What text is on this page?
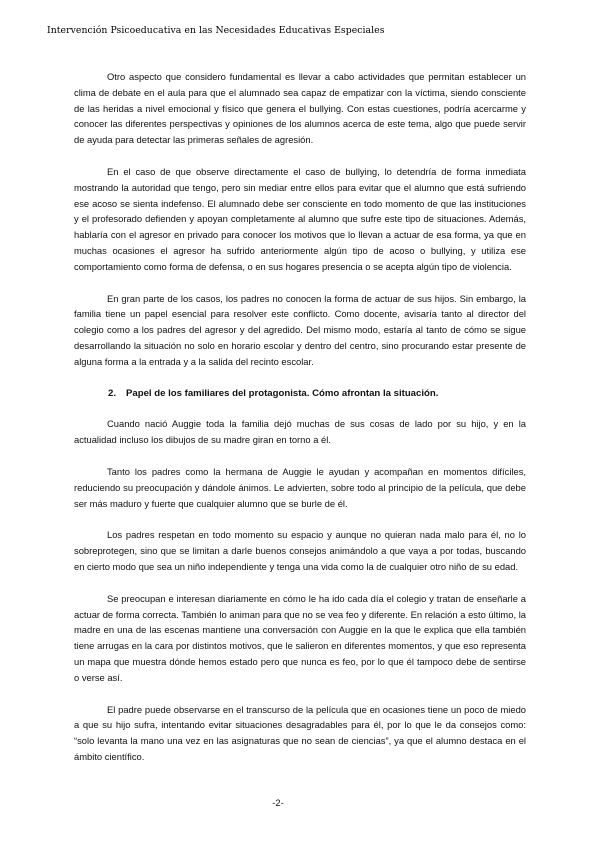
Intervención Psicoeducativa en las Necesidades Educativas Especiales

Otro aspecto que considero fundamental es llevar a cabo actividades que permitan establecer un clima de debate en el aula para que el alumnado sea capaz de empatizar con la víctima, siendo consciente de las heridas a nivel emocional y físico que genera el bullying. Con estas cuestiones, podría acercarme y conocer las diferentes perspectivas y opiniones de los alumnos acerca de este tema, algo que puede servir de ayuda para detectar las primeras señales de agresión.

En el caso de que observe directamente el caso de bullying, lo detendría de forma inmediata mostrando la autoridad que tengo, pero sin mediar entre ellos para evitar que el alumno que está sufriendo ese acoso se sienta indefenso. El alumnado debe ser consciente en todo momento de que las instituciones y el profesorado defienden y apoyan completamente al alumno que sufre este tipo de situaciones. Además, hablaría con el agresor en privado para conocer los motivos que lo llevan a actuar de esa forma, ya que en muchas ocasiones el agresor ha sufrido anteriormente algún tipo de acoso o bullying, y utiliza ese comportamiento como forma de defensa, o en sus hogares presencia o se acepta algún tipo de violencia.

En gran parte de los casos, los padres no conocen la forma de actuar de sus hijos. Sin embargo, la familia tiene un papel esencial para resolver este conflicto. Como docente, avisaría tanto al director del colegio como a los padres del agresor y del agredido. Del mismo modo, estaría al tanto de cómo se sigue desarrollando la situación no solo en horario escolar y dentro del centro, sino procurando estar presente de alguna forma a la entrada y a la salida del recinto escolar.

2. Papel de los familiares del protagonista. Cómo afrontan la situación.

Cuando nació Auggie toda la familia dejó muchas de sus cosas de lado por su hijo, y en la actualidad incluso los dibujos de su madre giran en torno a él.

Tanto los padres como la hermana de Auggie le ayudan y acompañan en momentos difíciles, reduciendo su preocupación y dándole ánimos. Le advierten, sobre todo al principio de la película, que debe ser más maduro y fuerte que cualquier alumno que se burle de él.

Los padres respetan en todo momento su espacio y aunque no quieran nada malo para él, no lo sobreprotegen, sino que se limitan a darle buenos consejos animándolo a que vaya a por todas, buscando en cierto modo que sea un niño independiente y tenga una vida como la de cualquier otro niño de su edad.

Se preocupan e interesan diariamente en cómo le ha ido cada día el colegio y tratan de enseñarle a actuar de forma correcta. También lo animan para que no se vea feo y diferente. En relación a esto último, la madre en una de las escenas mantiene una conversación con Auggie en la que le explica que ella también tiene arrugas en la cara por distintos motivos, que le salieron en diferentes momentos, y que eso representa un mapa que muestra dónde hemos estado pero que nunca es feo, por lo que él tampoco debe de sentirse o verse así.

El padre puede observarse en el transcurso de la película que en ocasiones tiene un poco de miedo a que su hijo sufra, intentando evitar situaciones desagradables para él, por lo que le da consejos como: “solo levanta la mano una vez en las asignaturas que no sean de ciencias”, ya que el alumno destaca en el ámbito científico.

-2-
